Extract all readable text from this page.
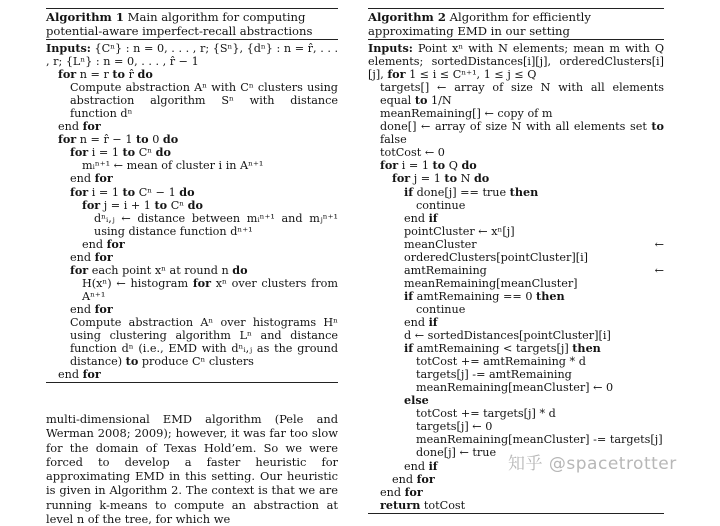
Algorithm 1 Main algorithm for computing potential-aware imperfect-recall abstractions
Inputs: {Cⁿ} : n = 0, . . . , r; {Sⁿ}, {dⁿ} : n = r̂, . . . , r; {Lⁿ} : n = 0, . . . , r̂ − 1
for n = r to r̂ do
Compute abstraction Aⁿ with Cⁿ clusters using abstraction algorithm Sⁿ with distance function dⁿ
end for
for n = r̂ − 1 to 0 do
for i = 1 to Cⁿ do
mᵢⁿ⁺¹ ← mean of cluster i in Aⁿ⁺¹
end for
for i = 1 to Cⁿ − 1 do
for j = i + 1 to Cⁿ do
dⁿᵢ,ⱼ ← distance between mᵢⁿ⁺¹ and mⱼⁿ⁺¹ using distance function dⁿ⁺¹
end for
end for
for each point xⁿ at round n do
H(xⁿ) ← histogram for xⁿ over clusters from Aⁿ⁺¹
end for
Compute abstraction Aⁿ over histograms Hⁿ using clustering algorithm Lⁿ and distance function dⁿ (i.e., EMD with dⁿᵢ,ⱼ as the ground distance) to produce Cⁿ clusters
end for
Algorithm 2 Algorithm for efficiently approximating EMD in our setting
Inputs: Point xⁿ with N elements; mean m with Q elements; sortedDistances[i][j], orderedClusters[i][j], for 1 ≤ i ≤ Cⁿ⁺¹, 1 ≤ j ≤ Q
targets[] ← array of size N with all elements equal to 1/N
meanRemaining[] ← copy of m
done[] ← array of size N with all elements set to false
totCost ← 0
for i = 1 to Q do
for j = 1 to N do
if done[j] == true then
continue
end if
pointCluster ← xⁿ[j]
meanCluster	← orderedClusters[pointCluster][i]
amtRemaining	← meanRemaining[meanCluster]
if amtRemaining == 0 then
continue
end if
d ← sortedDistances[pointCluster][i]
if amtRemaining < targets[j] then
totCost += amtRemaining * d
targets[j] -= amtRemaining
meanRemaining[meanCluster] ← 0
else
totCost += targets[j] * d
targets[j] ← 0
meanRemaining[meanCluster] -= targets[j]
done[j] ← true
end if
end for
end for
return totCost
multi-dimensional EMD algorithm (Pele and Werman 2008; 2009); however, it was far too slow for the domain of Texas Hold’em. So we were forced to develop a faster heuristic for approximating EMD in this setting. Our heuristic is given in Algorithm 2. The context is that we are running k-means to compute an abstraction at level n of the tree, for which we
知乎 @spacetrotter
